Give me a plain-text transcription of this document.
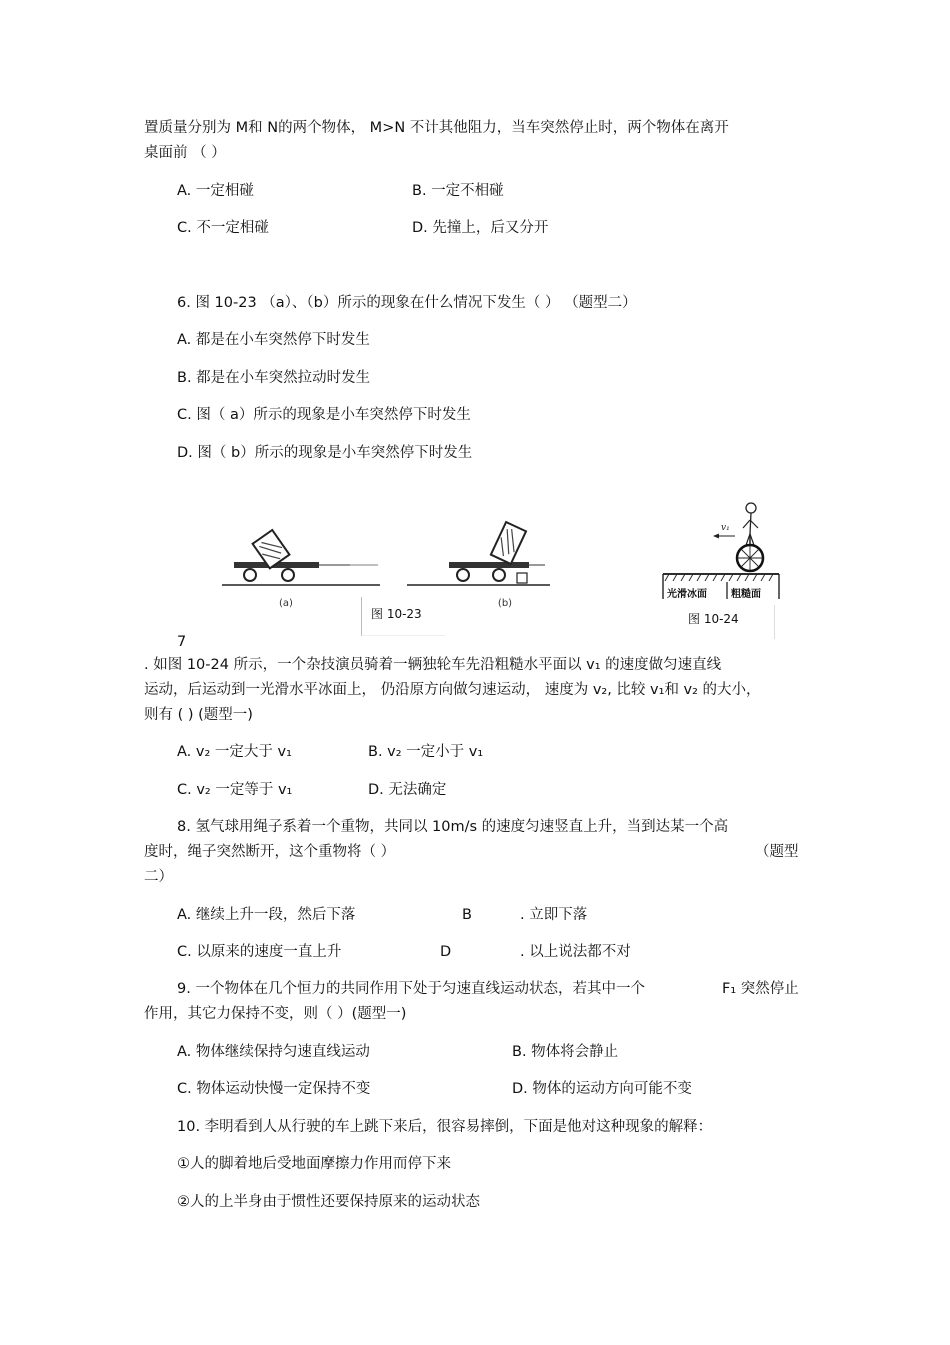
置质量分别为 M和 N的两个物体， M>N 不计其他阻力，当车突然停止时，两个物体在离开
桌面前 （ ）
A. 一定相碰	B. 一定不相碰
C. 不一定相碰	D. 先撞上，后又分开
6. 图 10-23 （a）、（b）所示的现象在什么情况下发生（ ） （题型二）
A. 都是在小车突然停下时发生
B. 都是在小车突然拉动时发生
C. 图（ a）所示的现象是小车突然停下时发生
D. 图（ b）所示的现象是小车突然停下时发生
(a)	(b)
图 10-23
v₁
光滑冰面 粗糙面
图 10-24
7
. 如图 10-24 所示，一个杂技演员骑着一辆独轮车先沿粗糙水平面以 v₁ 的速度做匀速直线
运动，后运动到一光滑水平冰面上， 仍沿原方向做匀速运动， 速度为 v₂, 比较 v₁和 v₂ 的大小，
则有 ( ) (题型一)
A. v₂ 一定大于 v₁	B. v₂ 一定小于 v₁
C. v₂ 一定等于 v₁	D. 无法确定
8. 氢气球用绳子系着一个重物，共同以 10m/s 的速度匀速竖直上升，当到达某一个高
度时，绳子突然断开，这个重物将（ ）	（题型
二）
A. 继续上升一段，然后下落	B	. 立即下落
C. 以原来的速度一直上升	D	. 以上说法都不对
9. 一个物体在几个恒力的共同作用下处于匀速直线运动状态，若其中一个	F₁ 突然停止
作用，其它力保持不变，则（ ）(题型一)
A. 物体继续保持匀速直线运动	B. 物体将会静止
C. 物体运动快慢一定保持不变	D. 物体的运动方向可能不变
10. 李明看到人从行驶的车上跳下来后，很容易摔倒，下面是他对这种现象的解释：
①人的脚着地后受地面摩擦力作用而停下来
②人的上半身由于惯性还要保持原来的运动状态
